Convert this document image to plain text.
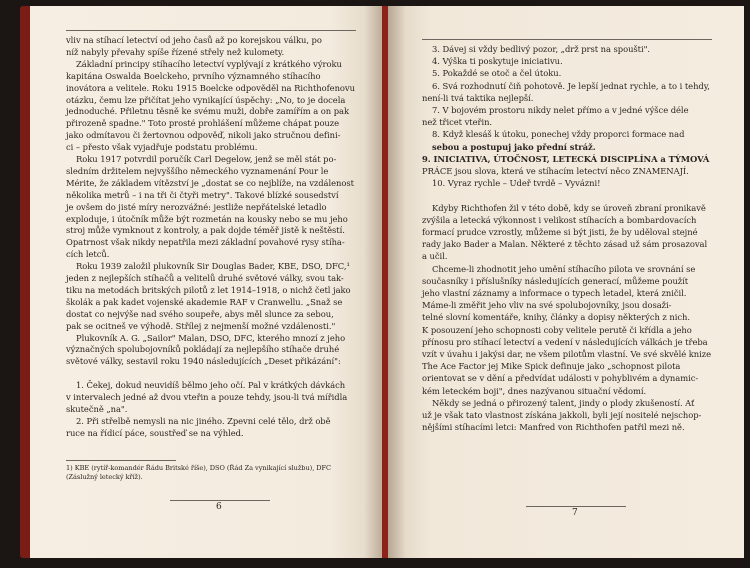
vliv na stíhací letectví od jeho časů až po korejskou válku, po
níž nabyly převahy spíše řízené střely než kulomety.
Základní principy stíhacího letectví vyplývají z krátkého výroku
kapitána Oswalda Boelckeho, prvního významného stíhacího
inovátora a velitele. Roku 1915 Boelcke odpověděl na Richthofenovu
otázku, čemu lze přičítat jeho vynikající úspěchy: „No, to je docela
jednoduché. Přiletnu těsně ke svému muži, dobře zamířím a on pak
přirozeně spadne." Toto prosté prohlášení můžeme chápat pouze
jako odmítavou či žertovnou odpověď, nikoli jako stručnou defini-
ci – přesto však vyjadřuje podstatu problému.
Roku 1917 potvrdil poručík Carl Degelow, jenž se měl stát po-
sledním držitelem nejvyššího německého vyznamenání Pour le
Mérite, že základem vítězství je „dostat se co nejblíže, na vzdálenost
několika metrů – i na tři či čtyři metry". Takové blízké sousedství
je ovšem do jisté míry nerozvážné: jestliže nepřátelské letadlo
exploduje, i útočník může být rozmetán na kousky nebo se mu jeho
stroj může vymknout z kontroly, a pak dojde téměř jistě k neštěstí.
Opatrnost však nikdy nepatřila mezi základní povahové rysy stíha-
cích letců.
Roku 1939 založil plukovník Sir Douglas Bader, KBE, DSO, DFC,¹
jeden z nejlepších stíhačů a velitelů druhé světové války, svou tak-
tiku na metodách britských pilotů z let 1914–1918, o nichž četl jako
školák a pak kadet vojenské akademie RAF v Cranwellu. „Snaž se
dostat co nejvýše nad svého soupeře, abys měl slunce za sebou,
pak se ocitneš ve výhodě. Střílej z nejmenší možné vzdálenosti."
Plukovník A. G. „Sailor" Malan, DSO, DFC, kterého mnozí z jeho
význačných spolubojovníků pokládají za nejlepšího stíhače druhé
světové války, sestavil roku 1940 následujících „Deset přikázání":
1. Čekej, dokud neuvidíš bělmo jeho očí. Pal v krátkých dávkách
v intervalech jedné až dvou vteřin a pouze tehdy, jsou-li tvá mířidla
skutečně „na".
2. Při střelbě nemysli na nic jiného. Zpevni celé tělo, drž obě
ruce na řídicí páce, soustřeď se na výhled.
1) KBE (rytíř-komandér Řádu Britské říše), DSO (Řád Za vynikající službu), DFC
(Záslužný letecký kříž).
6
3. Dávej si vždy bedlivý pozor, „drž prst na spoušti".
4. Výška ti poskytuje iniciativu.
5. Pokaždé se otoč a čel útoku.
6. Svá rozhodnutí čiň pohotově. Je lepší jednat rychle, a to i tehdy,
není-li tvá taktika nejlepší.
7. V bojovém prostoru nikdy nelet přímo a v jedné výšce déle
než třicet vteřin.
8. Když klesáš k útoku, ponechej vždy proporci formace nad
sebou a postupuj jako přední stráž.
9. INICIATIVA, ÚTOČNOST, LETECKÁ DISCIPLÍNA a TÝMOVÁ
PRÁCE jsou slova, která ve stíhacím letectví něco ZNAMENAJÍ.
10. Vyraz rychle – Udeř tvrdě – Vyvázni!
Kdyby Richthofen žil v této době, kdy se úroveň zbraní pronikavě
zvýšila a letecká výkonnost i velikost stíhacích a bombardovacích
formací prudce vzrostly, můžeme si být jisti, že by uděloval stejné
rady jako Bader a Malan. Některé z těchto zásad už sám prosazoval
a učil.
Chceme-li zhodnotit jeho umění stíhacího pilota ve srovnání se
současníky i příslušníky následujících generací, můžeme použít
jeho vlastní záznamy a informace o typech letadel, která zničil.
Máme-li změřit jeho vliv na své spolubojovníky, jsou dosaži-
telné slovní komentáře, knihy, články a dopisy některých z nich.
K posouzení jeho schopnosti coby velitele perutě či křídla a jeho
přínosu pro stíhací letectví a vedení v následujících válkách je třeba
vzít v úvahu i jakýsi dar, ne všem pilotům vlastní. Ve své skvělé knize
The Ace Factor jej Mike Spick definuje jako „schopnost pilota
orientovat se v dění a předvídat události v pohyblivém a dynamic-
kém leteckém boji", dnes nazývanou situační vědomí.
Někdy se jedná o přirozený talent, jindy o plody zkušeností. Ať
už je však tato vlastnost získána jakkoli, byli její nositelé nejschop-
nějšími stíhacími letci: Manfred von Richthofen patřil mezi ně.
7
